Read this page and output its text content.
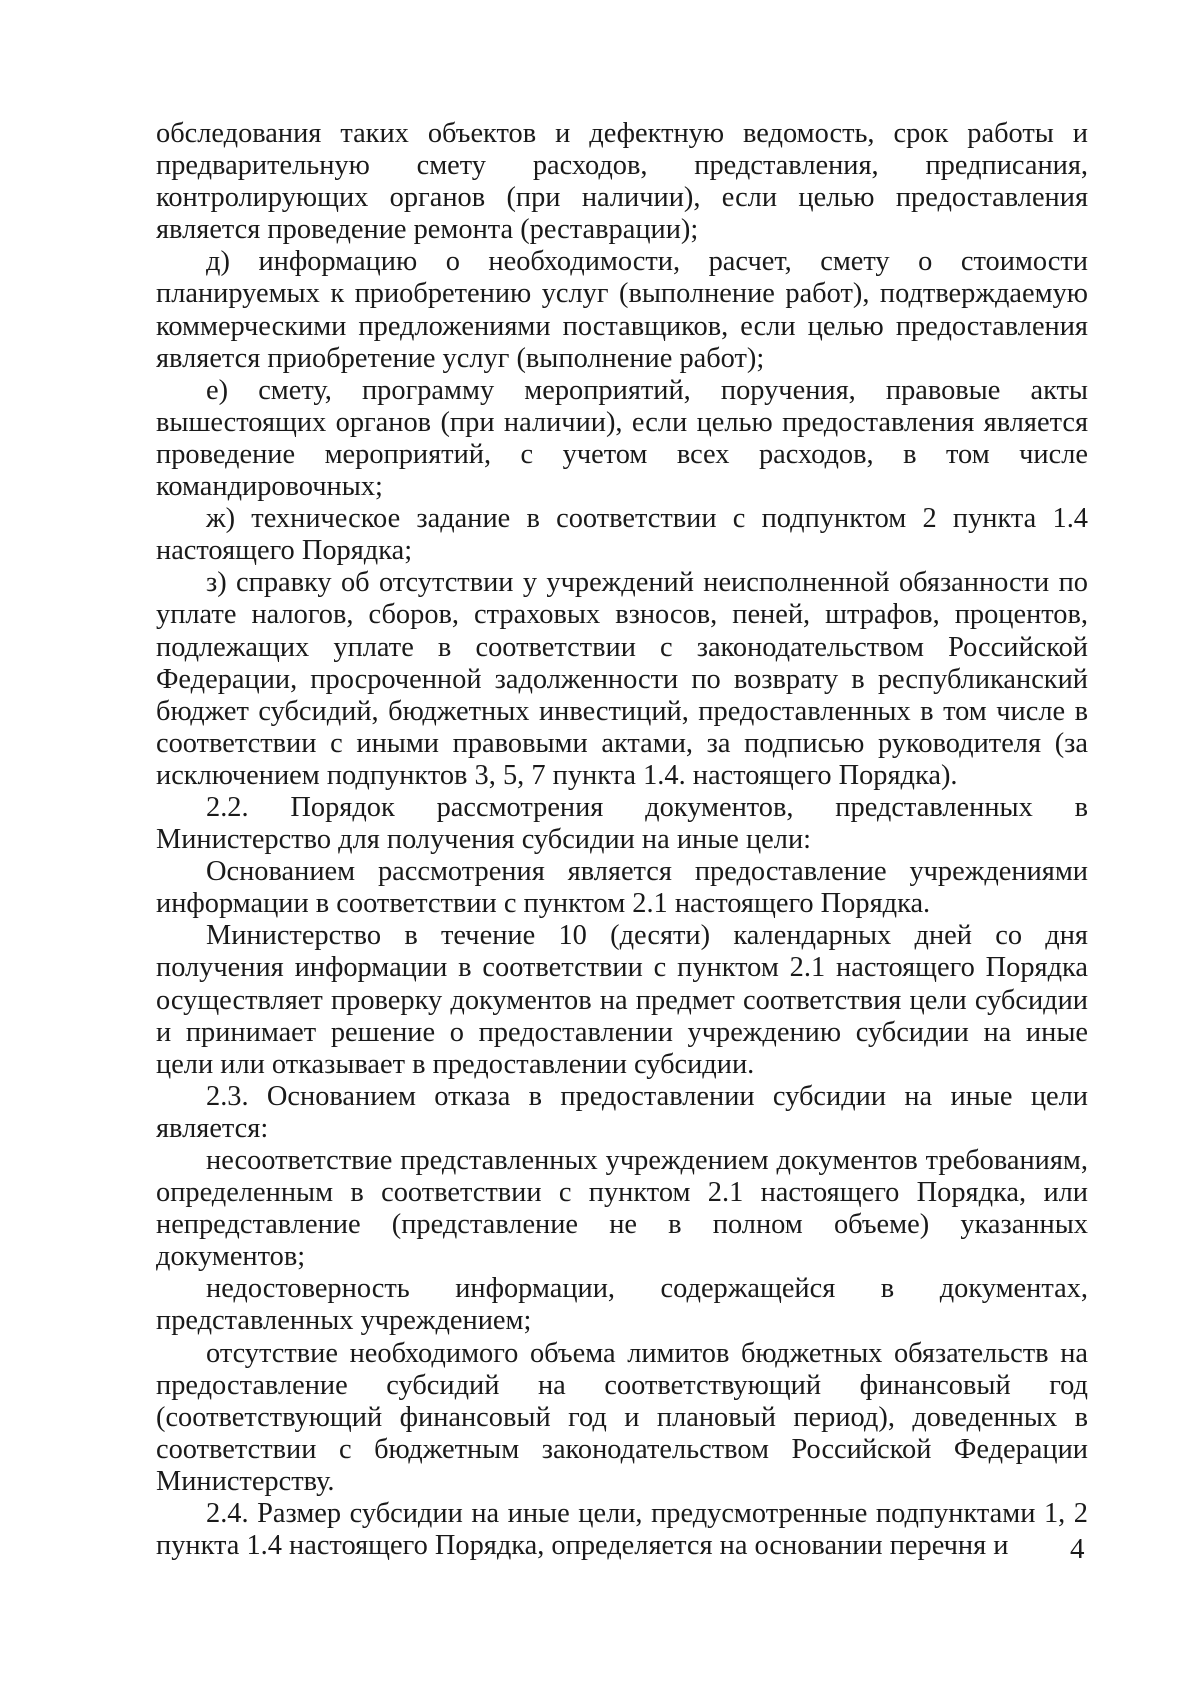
обследования таких объектов и дефектную ведомость, срок работы и предварительную смету расходов, представления, предписания, контролирующих органов (при наличии), если целью предоставления является проведение ремонта (реставрации);

д) информацию о необходимости, расчет, смету о стоимости планируемых к приобретению услуг (выполнение работ), подтверждаемую коммерческими предложениями поставщиков, если целью предоставления является приобретение услуг (выполнение работ);

е) смету, программу мероприятий, поручения, правовые акты вышестоящих органов (при наличии), если целью предоставления является проведение мероприятий, с учетом всех расходов, в том числе командировочных;

ж) техническое задание в соответствии с подпунктом 2 пункта 1.4 настоящего Порядка;

з) справку об отсутствии у учреждений неисполненной обязанности по уплате налогов, сборов, страховых взносов, пеней, штрафов, процентов, подлежащих уплате в соответствии с законодательством Российской Федерации, просроченной задолженности по возврату в республиканский бюджет субсидий, бюджетных инвестиций, предоставленных в том числе в соответствии с иными правовыми актами, за подписью руководителя (за исключением подпунктов 3, 5, 7 пункта 1.4. настоящего Порядка).

2.2. Порядок рассмотрения документов, представленных в Министерство для получения субсидии на иные цели:

Основанием рассмотрения является предоставление учреждениями информации в соответствии с пунктом 2.1 настоящего Порядка.

Министерство в течение 10 (десяти) календарных дней со дня получения информации в соответствии с пунктом 2.1 настоящего Порядка осуществляет проверку документов на предмет соответствия цели субсидии и принимает решение о предоставлении учреждению субсидии на иные цели или отказывает в предоставлении субсидии.

2.3. Основанием отказа в предоставлении субсидии на иные цели является:

несоответствие представленных учреждением документов требованиям, определенным в соответствии с пунктом 2.1 настоящего Порядка, или непредставление (представление не в полном объеме) указанных документов;

недостоверность информации, содержащейся в документах, представленных учреждением;

отсутствие необходимого объема лимитов бюджетных обязательств на предоставление субсидий на соответствующий финансовый год (соответствующий финансовый год и плановый период), доведенных в соответствии с бюджетным законодательством Российской Федерации Министерству.

2.4. Размер субсидии на иные цели, предусмотренные подпунктами 1, 2 пункта 1.4 настоящего Порядка, определяется на основании перечня и	4
